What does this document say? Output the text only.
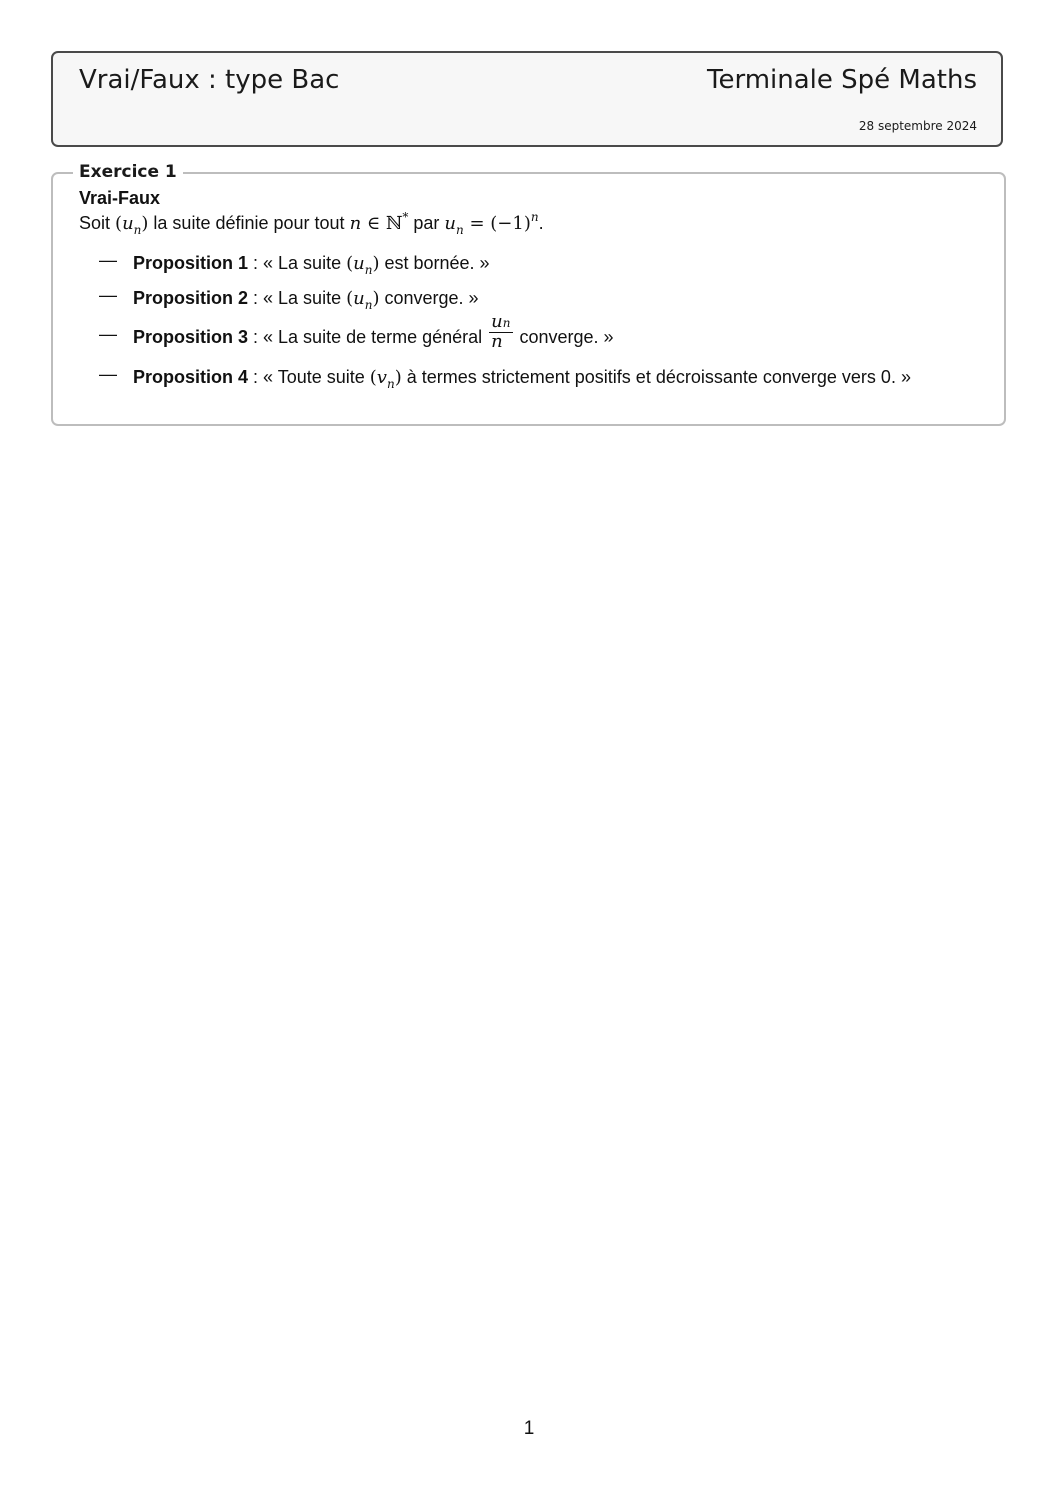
Vrai/Faux : type Bac	Terminale Spé Maths
28 septembre 2024
Exercice 1
Vrai-Faux
Soit $(u_n)$ la suite définie pour tout n ∈ ℕ* par $u_n = (-1)^n$.
— Proposition 1 : « La suite $(u_n)$ est bornée. »
— Proposition 2 : « La suite $(u_n)$ converge. »
— Proposition 3 : « La suite de terme général $\frac{un}{n}$ converge. »
— Proposition 4 : « Toute suite $(v_n)$ à termes strictement positifs et décroissante converge vers 0. »
1
